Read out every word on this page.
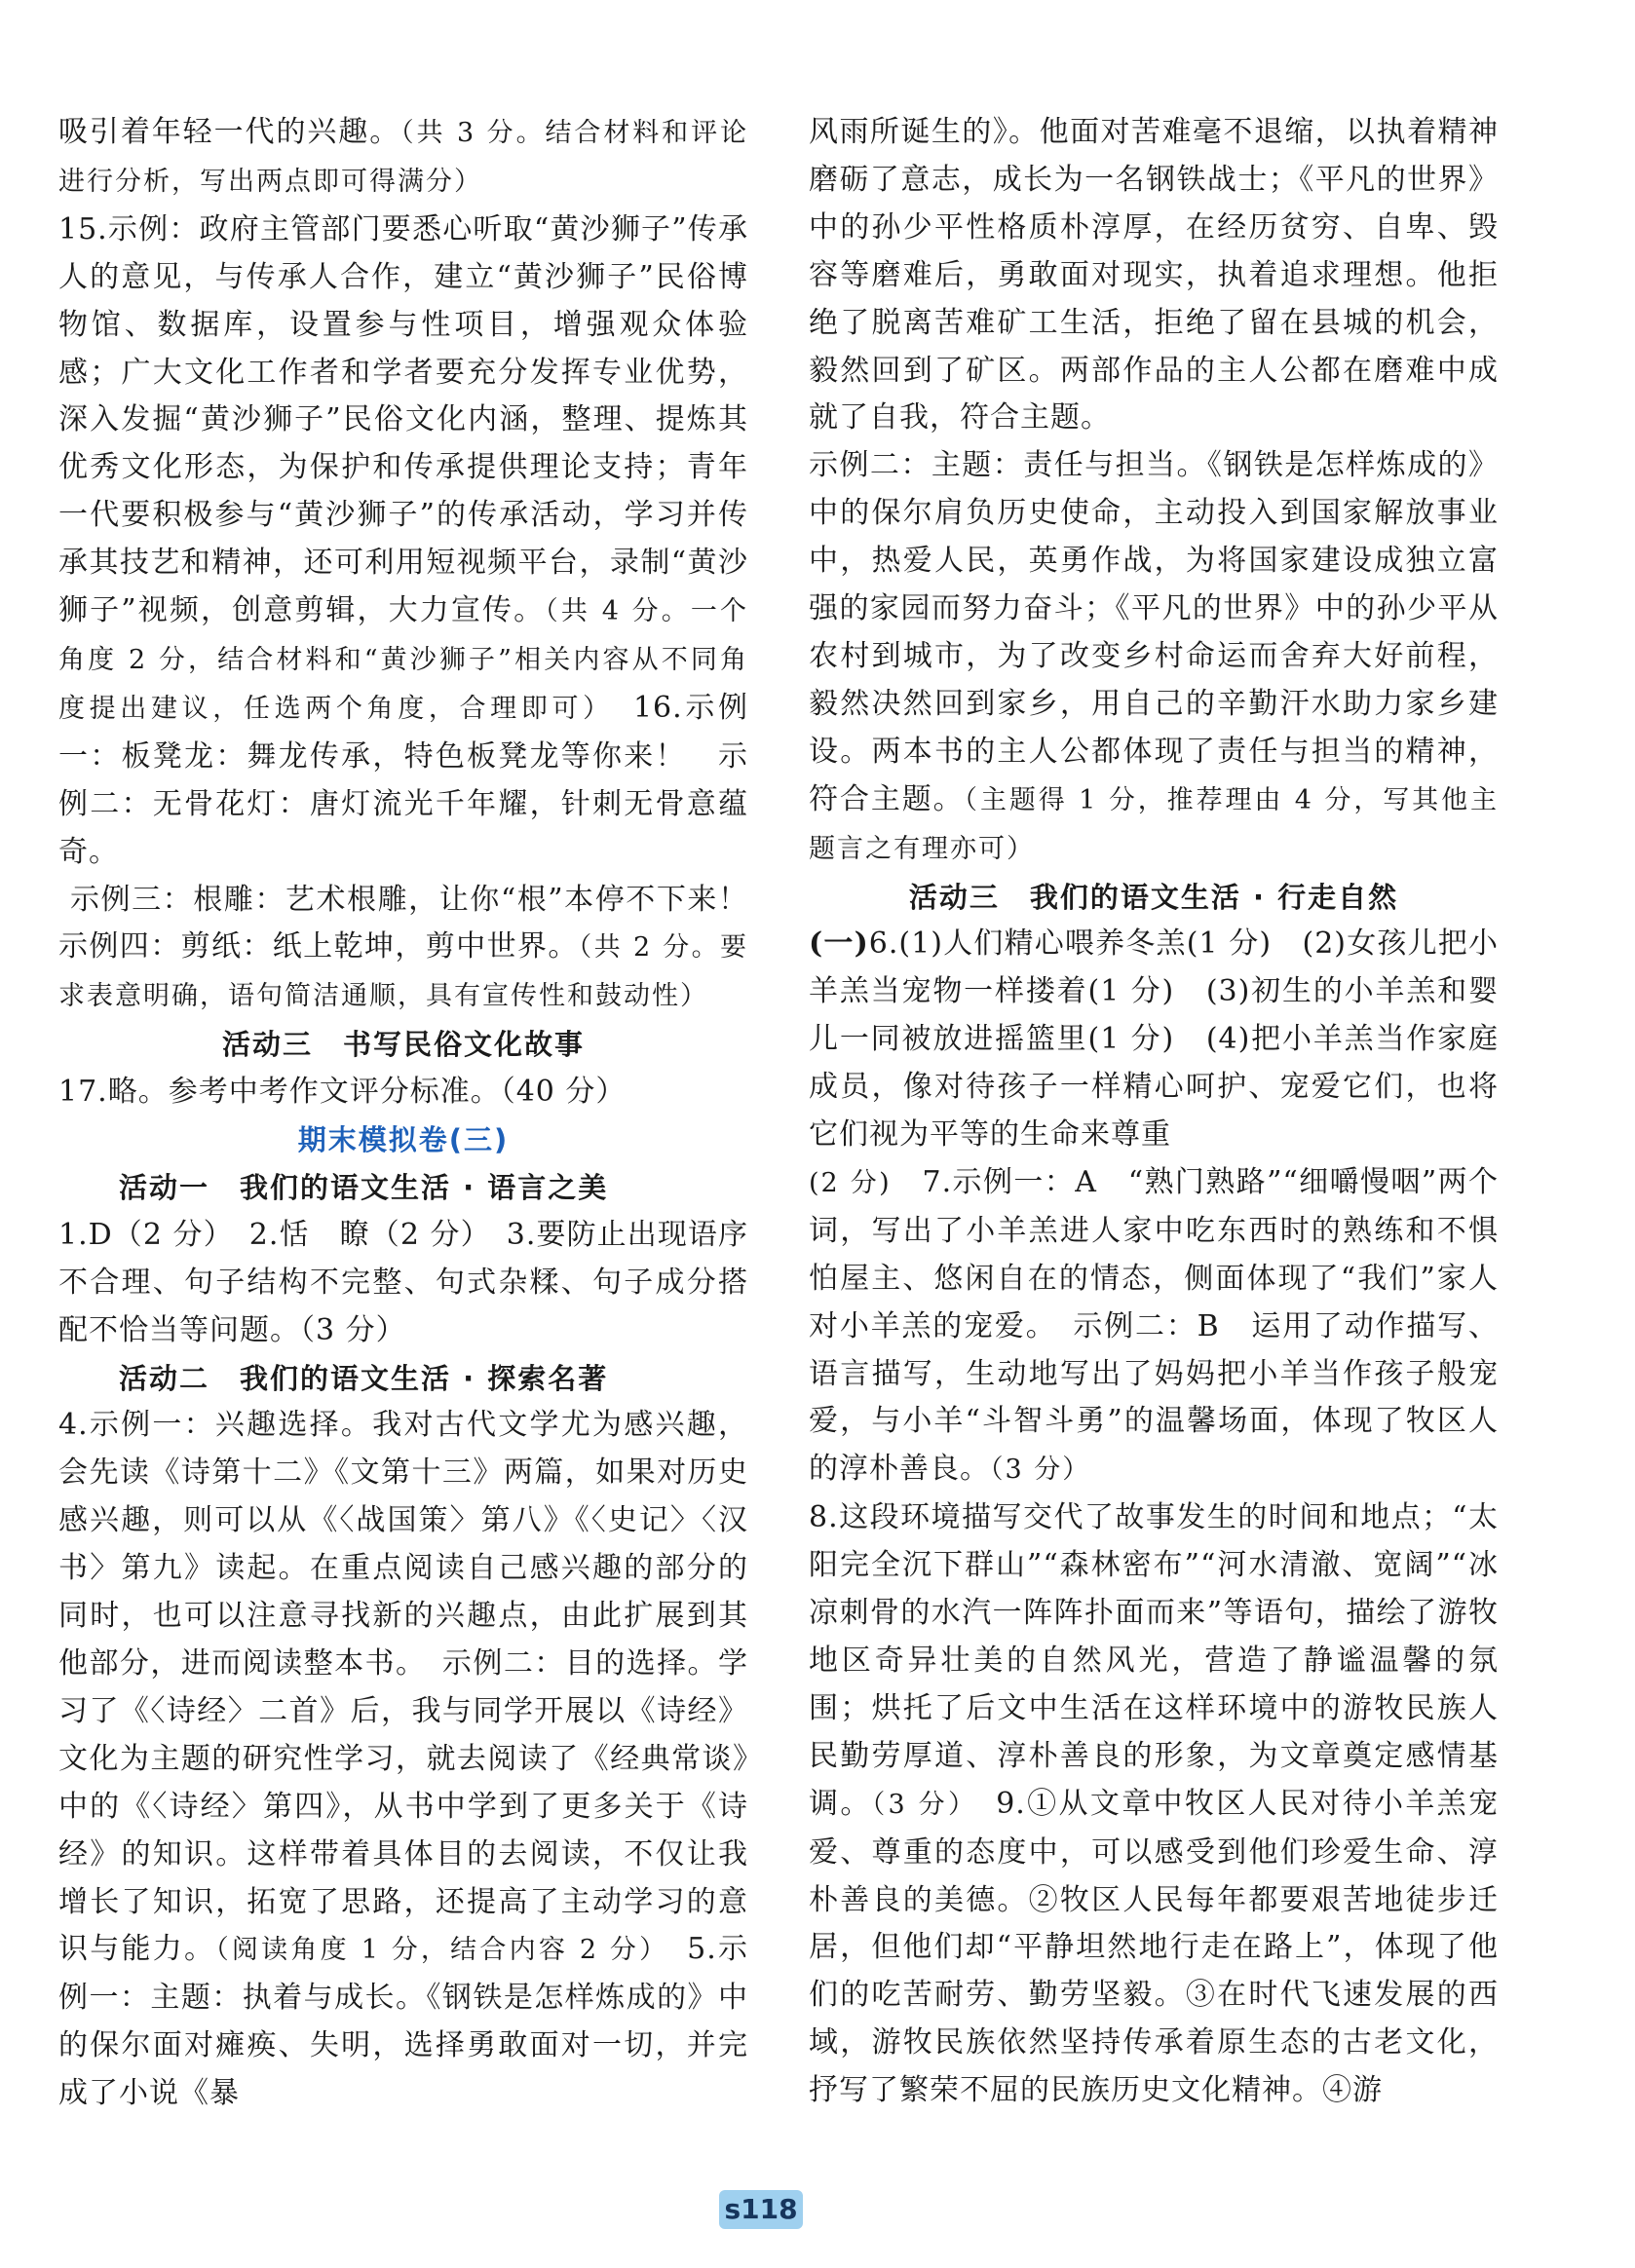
吸引着年轻一代的兴趣。（共 3 分。结合材料和评论进行分析，写出两点即可得满分）

15.示例：政府主管部门要悉心听取“黄沙狮子”传承人的意见，与传承人合作，建立“黄沙狮子”民俗博物馆、数据库，设置参与性项目，增强观众体验感；广大文化工作者和学者要充分发挥专业优势，深入发掘“黄沙狮子”民俗文化内涵，整理、提炼其优秀文化形态，为保护和传承提供理论支持；青年一代要积极参与“黄沙狮子”的传承活动，学习并传承其技艺和精神，还可利用短视频平台，录制“黄沙狮子”视频，创意剪辑，大力宣传。（共 4 分。一个角度 2 分，结合材料和“黄沙狮子”相关内容从不同角度提出建议，任选两个角度，合理即可）　16.示例一：板凳龙：舞龙传承，特色板凳龙等你来！　示例二：无骨花灯：唐灯流光千年耀，针刺无骨意蕴奇。

示例三：根雕：艺术根雕，让你“根”本停不下来！　示例四：剪纸：纸上乾坤，剪中世界。（共 2 分。要求表意明确，语句简洁通顺，具有宣传性和鼓动性）

活动三　书写民俗文化故事

17.略。参考中考作文评分标准。（40 分）

期末模拟卷(三)

活动一　我们的语文生活 · 语言之美

1.D（2 分）　2.恬　瞭（2 分）　3.要防止出现语序不合理、句子结构不完整、句式杂糅、句子成分搭配不恰当等问题。（3 分）

活动二　我们的语文生活 · 探索名著

4.示例一：兴趣选择。我对古代文学尤为感兴趣，会先读《诗第十二》《文第十三》两篇，如果对历史感兴趣，则可以从《〈战国策〉第八》《〈史记〉〈汉书〉第九》读起。在重点阅读自己感兴趣的部分的同时，也可以注意寻找新的兴趣点，由此扩展到其他部分，进而阅读整本书。　示例二：目的选择。学习了《〈诗经〉二首》后，我与同学开展以《诗经》文化为主题的研究性学习，就去阅读了《经典常谈》中的《〈诗经〉第四》，从书中学到了更多关于《诗经》的知识。这样带着具体目的去阅读，不仅让我增长了知识，拓宽了思路，还提高了主动学习的意识与能力。（阅读角度 1 分，结合内容 2 分）　5.示例一：主题：执着与成长。《钢铁是怎样炼成的》中的保尔面对瘫痪、失明，选择勇敢面对一切，并完成了小说《暴

风雨所诞生的》。他面对苦难毫不退缩，以执着精神磨砺了意志，成长为一名钢铁战士；《平凡的世界》中的孙少平性格质朴淳厚，在经历贫穷、自卑、毁容等磨难后，勇敢面对现实，执着追求理想。他拒绝了脱离苦难矿工生活，拒绝了留在县城的机会，毅然回到了矿区。两部作品的主人公都在磨难中成就了自我，符合主题。

示例二：主题：责任与担当。《钢铁是怎样炼成的》中的保尔肩负历史使命，主动投入到国家解放事业中，热爱人民，英勇作战，为将国家建设成独立富强的家园而努力奋斗；《平凡的世界》中的孙少平从农村到城市，为了改变乡村命运而舍弃大好前程，毅然决然回到家乡，用自己的辛勤汗水助力家乡建设。两本书的主人公都体现了责任与担当的精神，符合主题。（主题得 1 分，推荐理由 4 分，写其他主题言之有理亦可）

活动三　我们的语文生活 · 行走自然

(一)6.(1)人们精心喂养冬羔(1 分)　(2)女孩儿把小羊羔当宠物一样搂着(1 分)　(3)初生的小羊羔和婴儿一同被放进摇篮里(1 分)　(4)把小羊羔当作家庭成员，像对待孩子一样精心呵护、宠爱它们，也将它们视为平等的生命来尊重
(2 分)　7.示例一：A　“熟门熟路”“细嚼慢咽”两个词，写出了小羊羔进人家中吃东西时的熟练和不惧怕屋主、悠闲自在的情态，侧面体现了“我们”家人对小羊羔的宠爱。　示例二：B　运用了动作描写、语言描写，生动地写出了妈妈把小羊当作孩子般宠爱，与小羊“斗智斗勇”的温馨场面，体现了牧区人的淳朴善良。（3 分）

8.这段环境描写交代了故事发生的时间和地点；“太阳完全沉下群山”“森林密布”“河水清澈、宽阔”“冰凉刺骨的水汽一阵阵扑面而来”等语句，描绘了游牧地区奇异壮美的自然风光，营造了静谧温馨的氛围；烘托了后文中生活在这样环境中的游牧民族人民勤劳厚道、淳朴善良的形象，为文章奠定感情基调。（3 分）　9.①从文章中牧区人民对待小羊羔宠爱、尊重的态度中，可以感受到他们珍爱生命、淳朴善良的美德。②牧区人民每年都要艰苦地徒步迁居，但他们却“平静坦然地行走在路上”，体现了他们的吃苦耐劳、勤劳坚毅。③在时代飞速发展的西域，游牧民族依然坚持传承着原生态的古老文化，抒写了繁荣不屈的民族历史文化精神。④游

s118
